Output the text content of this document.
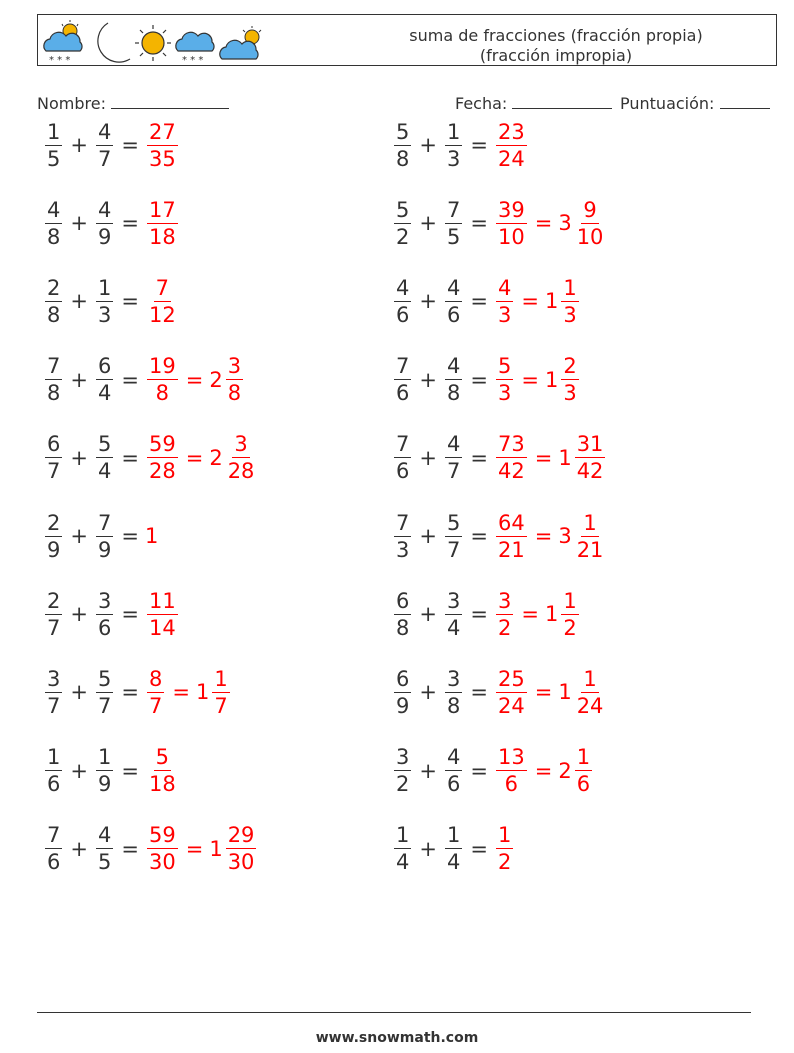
* * *	* * *
suma de fracciones (fracción propia)
(fracción impropia)
Nombre:	Fecha:	Puntuación:
$\frac{1}{5} + \frac{4}{7} = \frac{27}{35}$	$\frac{5}{8} + \frac{1}{3} = \frac{23}{24}$
$\frac{4}{8} + \frac{4}{9} = \frac{17}{18}$	$\frac{5}{2} + \frac{7}{5} = \frac{39}{10} = 3 \frac{9}{10}$
$\frac{2}{8} + \frac{1}{3} = \frac{7}{12}$	$\frac{4}{6} + \frac{4}{6} = \frac{4}{3} = 1 \frac{1}{3}$
$\frac{7}{8} + \frac{6}{4} = \frac{19}{8} = 2 \frac{3}{8}$	$\frac{7}{6} + \frac{4}{8} = \frac{5}{3} = 1 \frac{2}{3}$
$\frac{6}{7} + \frac{5}{4} = \frac{59}{28} = 2 \frac{3}{28}$	$\frac{7}{6} + \frac{4}{7} = \frac{73}{42} = 1 \frac{31}{42}$
$\frac{2}{9} + \frac{7}{9} = 1$	$\frac{7}{3} + \frac{5}{7} = \frac{64}{21} = 3 \frac{1}{21}$
$\frac{2}{7} + \frac{3}{6} = \frac{11}{14}$	$\frac{6}{8} + \frac{3}{4} = \frac{3}{2} = 1 \frac{1}{2}$
$\frac{3}{7} + \frac{5}{7} = \frac{8}{7} = 1 \frac{1}{7}$	$\frac{6}{9} + \frac{3}{8} = \frac{25}{24} = 1 \frac{1}{24}$
$\frac{1}{6} + \frac{1}{9} = \frac{5}{18}$	$\frac{3}{2} + \frac{4}{6} = \frac{13}{6} = 2 \frac{1}{6}$
$\frac{7}{6} + \frac{4}{5} = \frac{59}{30} = 1 \frac{29}{30}$	$\frac{1}{4} + \frac{1}{4} = \frac{1}{2}$
www.snowmath.com
